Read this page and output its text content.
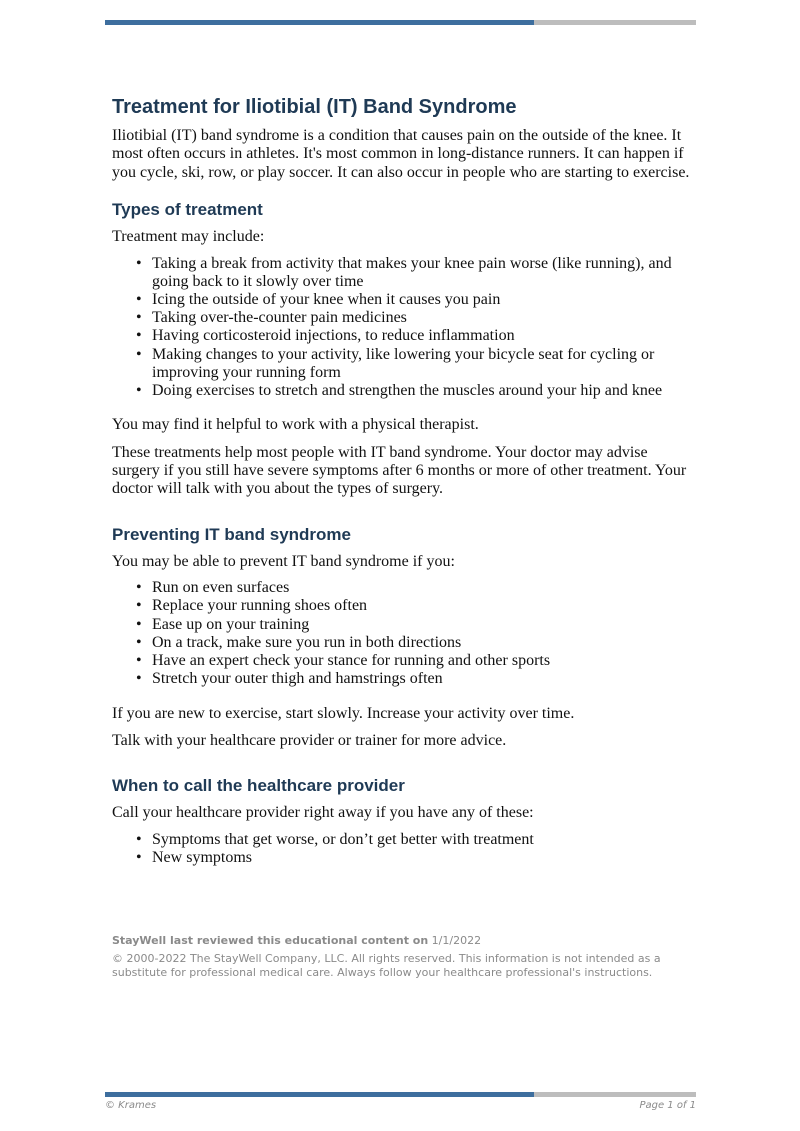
Treatment for Iliotibial (IT) Band Syndrome

Iliotibial (IT) band syndrome is a condition that causes pain on the outside of the knee. It most often occurs in athletes. It's most common in long-distance runners. It can happen if you cycle, ski, row, or play soccer. It can also occur in people who are starting to exercise.

Types of treatment

Treatment may include:

• Taking a break from activity that makes your knee pain worse (like running), and going back to it slowly over time
• Icing the outside of your knee when it causes you pain
• Taking over-the-counter pain medicines
• Having corticosteroid injections, to reduce inflammation
• Making changes to your activity, like lowering your bicycle seat for cycling or improving your running form
• Doing exercises to stretch and strengthen the muscles around your hip and knee

You may find it helpful to work with a physical therapist.

These treatments help most people with IT band syndrome. Your doctor may advise surgery if you still have severe symptoms after 6 months or more of other treatment. Your doctor will talk with you about the types of surgery.

Preventing IT band syndrome

You may be able to prevent IT band syndrome if you:

• Run on even surfaces
• Replace your running shoes often
• Ease up on your training
• On a track, make sure you run in both directions
• Have an expert check your stance for running and other sports
• Stretch your outer thigh and hamstrings often

If you are new to exercise, start slowly. Increase your activity over time.

Talk with your healthcare provider or trainer for more advice.

When to call the healthcare provider

Call your healthcare provider right away if you have any of these:

• Symptoms that get worse, or don’t get better with treatment
• New symptoms
StayWell last reviewed this educational content on 1/1/2022
© 2000-2022 The StayWell Company, LLC. All rights reserved. This information is not intended as a substitute for professional medical care. Always follow your healthcare professional's instructions.
© Krames	Page 1 of 1
